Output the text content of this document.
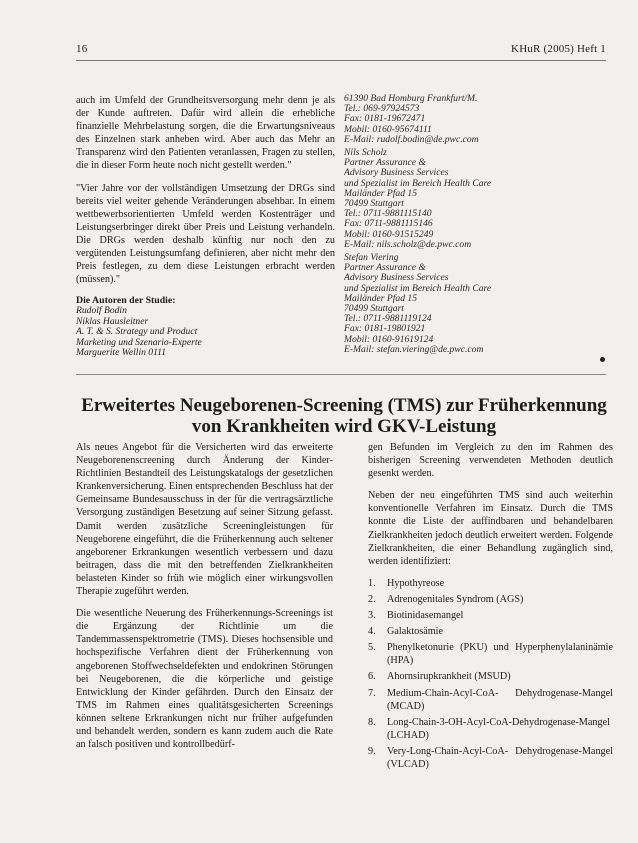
16	KHuR (2005) Heft 1

auch im Umfeld der Grundheitsversorgung mehr denn je als der Kunde auftreten. Dafür wird allein die erhebliche finanzielle Mehrbelastung sorgen, die die Erwartungsniveaus des Einzelnen stark anheben wird. Aber auch das Mehr an Transparenz wird den Patienten veranlassen, Fragen zu stellen, die in dieser Form heute noch nicht gestellt werden."

"Vier Jahre vor der vollständigen Umsetzung der DRGs sind bereits viel weiter gehende Veränderungen absehbar. In einem wettbewerbsorientierten Umfeld werden Kostenträger und Leistungserbringer direkt über Preis und Leistung verhandeln. Die DRGs werden deshalb künftig nur noch den zu vergütenden Leistungsumfang definieren, aber nicht mehr den Preis festlegen, zu dem diese Leistungen erbracht werden (müssen)."

Die Autoren der Studie:
Rudolf Bodin
Niklas Hausleitner
A. T. & S. Strategy und Product
Marketing und Szenario-Experte
Marguerite Wellin 0111
61390 Bad Homburg Frankfurt/M.
Tel.: 069-97924573
Fax: 0181-19672471
Mobil: 0160-95674111
E-Mail: rudolf.bodin@de.pwc.com
Nils Scholz
Partner Assurance &
Advisory Business Services
und Spezialist im Bereich Health Care
Mailänder Pfad 15
70499 Stuttgart
Tel.: 0711-9881115140
Fax: 0711-9881115146
Mobil: 0160-91515249
E-Mail: nils.scholz@de.pwc.com
Stefan Viering
Partner Assurance &
Advisory Business Services
und Spezialist im Bereich Health Care
Mailänder Pfad 15
70499 Stuttgart
Tel.: 0711-9881119124
Fax: 0181-19801921
Mobil: 0160-91619124
E-Mail: stefan.viering@de.pwc.com
Erweitertes Neugeborenen-Screening (TMS) zur Früherkennung von Krankheiten wird GKV-Leistung

Als neues Angebot für die Versicherten wird das erweiterte Neugeborenenscreening durch Änderung der Kinder-Richtlinien Bestandteil des Leistungskatalogs der gesetzlichen Krankenversicherung. Einen entsprechenden Beschluss hat der Gemeinsame Bundesausschuss in der für die vertragsärztliche Versorgung zuständigen Besetzung auf seiner Sitzung gefasst. Damit werden zusätzliche Screeningleistungen für Neugeborene eingeführt, die die Früherkennung auch seltener angeborener Erkrankungen wesentlich verbessern und dazu beitragen, dass die mit den betreffenden Zielkrankheiten belasteten Kinder so früh wie möglich einer wirkungsvollen Therapie zugeführt werden.

Die wesentliche Neuerung des Früherkennungs-Screenings ist die Ergänzung der Richtlinie um die Tandemmassenspektrometrie (TMS). Dieses hochsensible und hochspezifische Verfahren dient der Früherkennung von angeborenen Stoffwechseldefekten und endokrinen Störungen bei Neugeborenen, die die körperliche und geistige Entwicklung der Kinder gefährden. Durch den Einsatz der TMS im Rahmen eines qualitätsgesicherten Screenings können seltene Erkrankungen nicht nur früher aufgefunden und behandelt werden, sondern es kann zudem auch die Rate an falsch positiven und kontrollbedürf-

gen Befunden im Vergleich zu den im Rahmen des bisherigen Screening verwendeten Methoden deutlich gesenkt werden.

Neben der neu eingeführten TMS sind auch weiterhin konventionelle Verfahren im Einsatz. Durch die TMS konnte die Liste der auffindbaren und behandelbaren Zielkrankheiten jedoch deutlich erweitert werden. Folgende Zielkrankheiten, die einer Behandlung zugänglich sind, werden identifiziert:

1. Hypothyreose
2. Adrenogenitales Syndrom (AGS)
3. Biotinidasemangel
4. Galaktosämie
5. Phenylketonurie (PKU) und Hyperphenylalaninämie (HPA)
6. Ahornsirupkrankheit (MSUD)
7. Medium-Chain-Acyl-CoA- Dehydrogenase-Mangel (MCAD)
8. Long-Chain-3-OH-Acyl-CoA-Dehydrogenase-Mangel (LCHAD)
9. Very-Long-Chain-Acyl-CoA- Dehydrogenase-Mangel (VLCAD)
